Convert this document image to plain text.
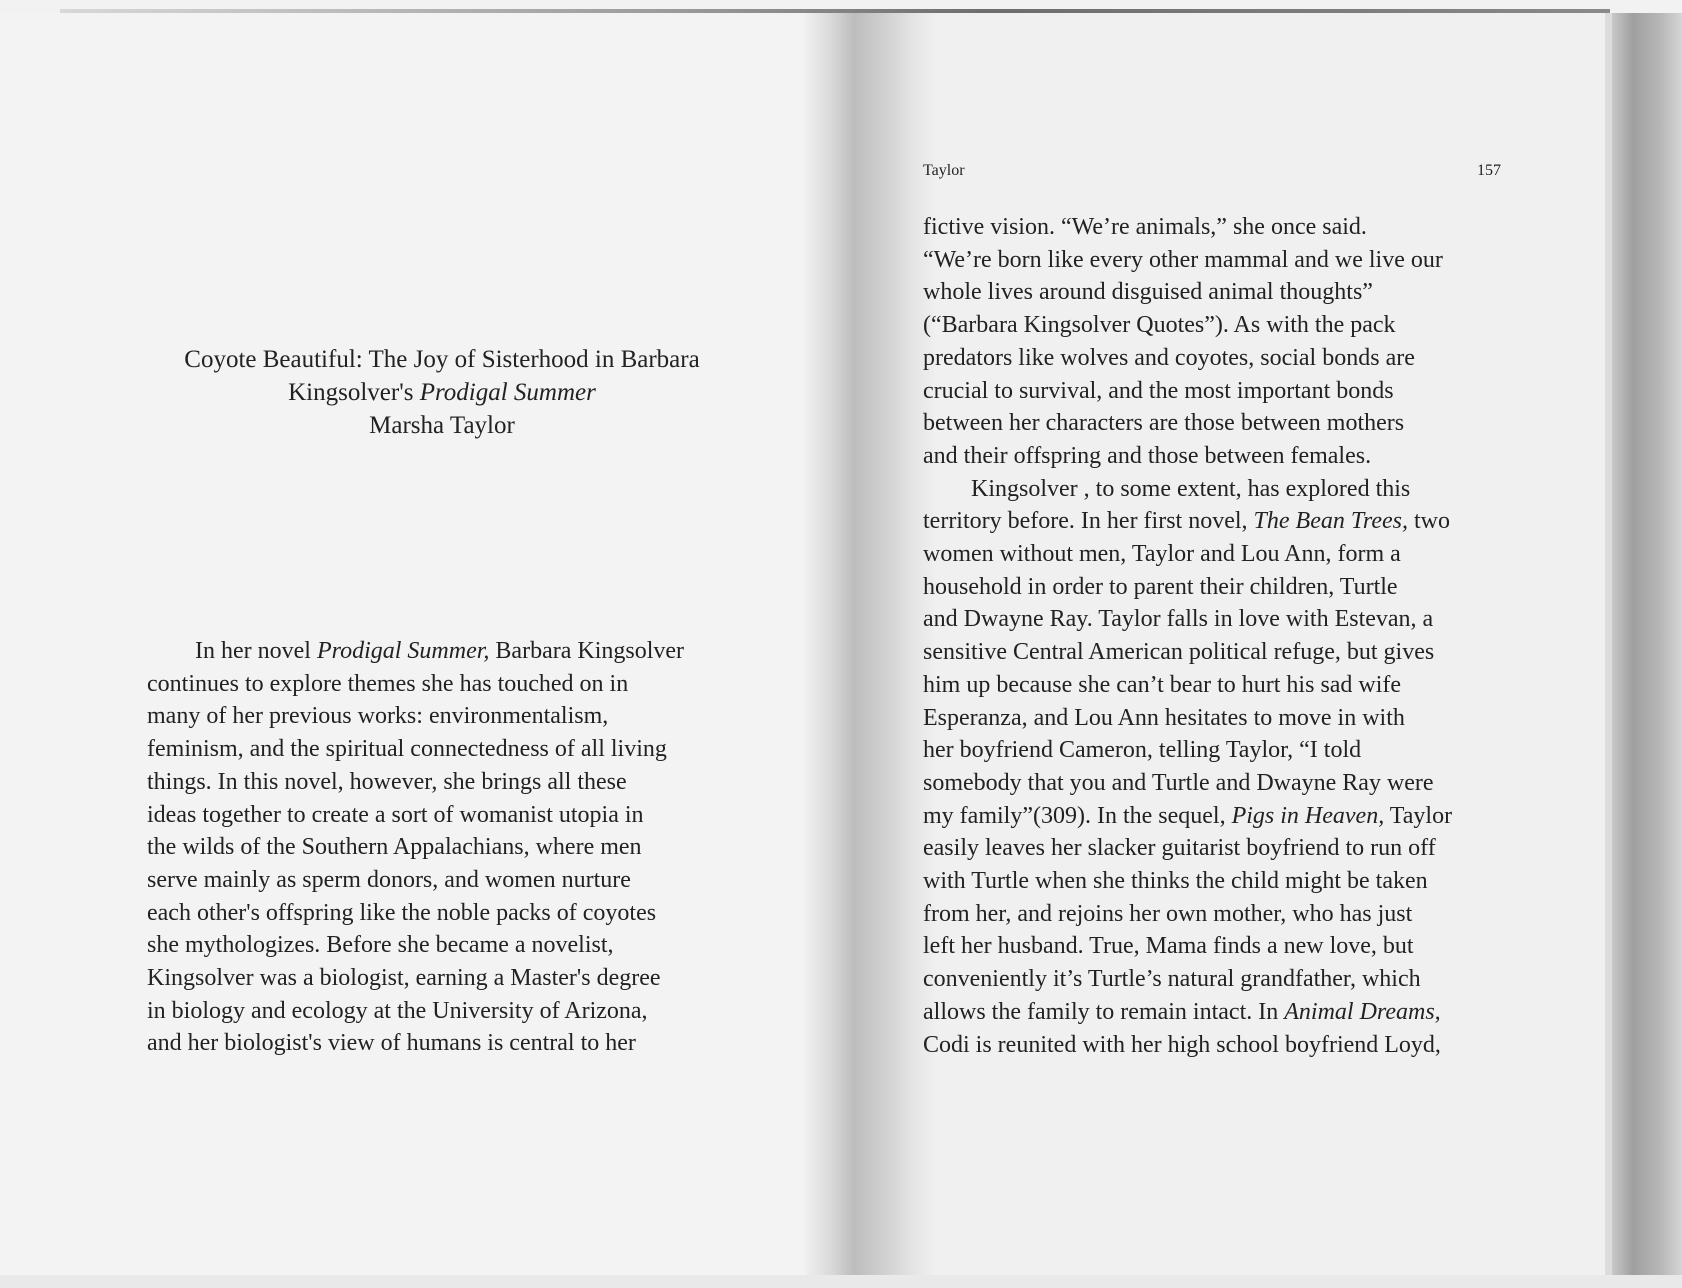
Coyote Beautiful: The Joy of Sisterhood in Barbara
Kingsolver's Prodigal Summer
Marsha Taylor
In her novel Prodigal Summer, Barbara Kingsolver
continues to explore themes she has touched on in
many of her previous works: environmentalism,
feminism, and the spiritual connectedness of all living
things. In this novel, however, she brings all these
ideas together to create a sort of womanist utopia in
the wilds of the Southern Appalachians, where men
serve mainly as sperm donors, and women nurture
each other's offspring like the noble packs of coyotes
she mythologizes. Before she became a novelist,
Kingsolver was a biologist, earning a Master's degree
in biology and ecology at the University of Arizona,
and her biologist's view of humans is central to her
Taylor	157
fictive vision. “We’re animals,” she once said.
“We’re born like every other mammal and we live our
whole lives around disguised animal thoughts”
(“Barbara Kingsolver Quotes”). As with the pack
predators like wolves and coyotes, social bonds are
crucial to survival, and the most important bonds
between her characters are those between mothers
and their offspring and those between females.
Kingsolver , to some extent, has explored this
territory before. In her first novel, The Bean Trees, two
women without men, Taylor and Lou Ann, form a
household in order to parent their children, Turtle
and Dwayne Ray. Taylor falls in love with Estevan, a
sensitive Central American political refuge, but gives
him up because she can’t bear to hurt his sad wife
Esperanza, and Lou Ann hesitates to move in with
her boyfriend Cameron, telling Taylor, “I told
somebody that you and Turtle and Dwayne Ray were
my family”(309). In the sequel, Pigs in Heaven, Taylor
easily leaves her slacker guitarist boyfriend to run off
with Turtle when she thinks the child might be taken
from her, and rejoins her own mother, who has just
left her husband. True, Mama finds a new love, but
conveniently it’s Turtle’s natural grandfather, which
allows the family to remain intact. In Animal Dreams,
Codi is reunited with her high school boyfriend Loyd,
